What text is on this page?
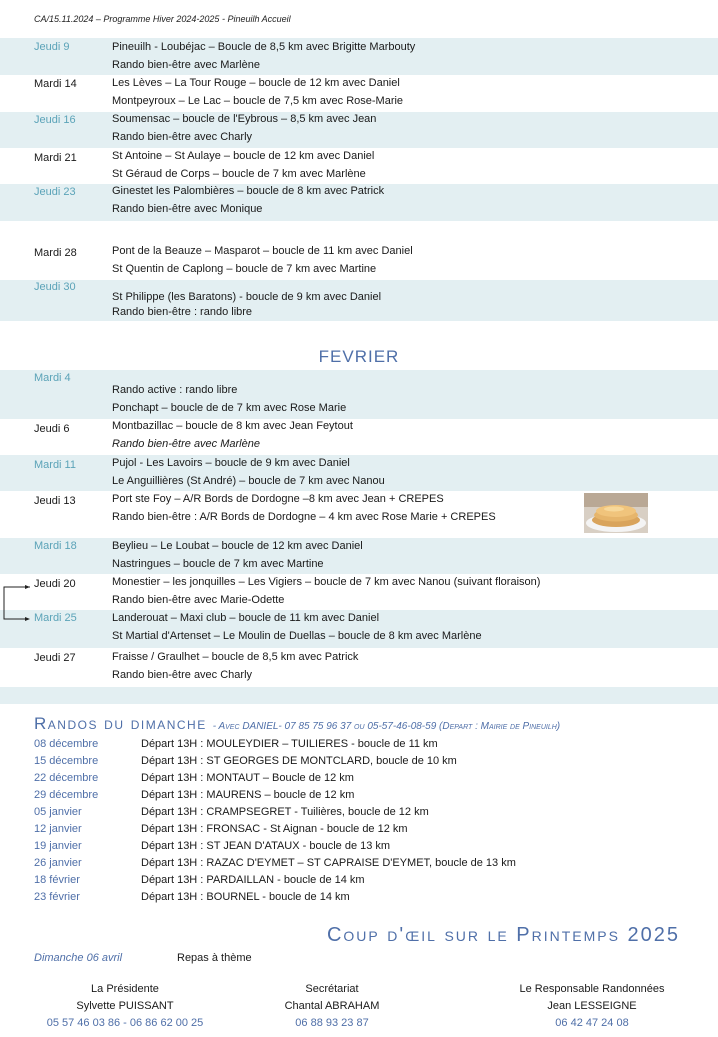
CA/15.11.2024 – Programme Hiver 2024-2025 - Pineuilh Accueil
Jeudi 9	Pineuilh - Loubéjac – Boucle de 8,5 km avec Brigitte Marbouty
Rando bien-être avec Marlène
Mardi 14	Les Lèves – La Tour Rouge – boucle de 12 km avec Daniel
Montpeyroux – Le Lac – boucle de 7,5 km avec Rose-Marie
Jeudi 16	Soumensac – boucle de l'Eybrous – 8,5 km avec Jean
Rando bien-être avec Charly
Mardi 21	St Antoine – St Aulaye – boucle de 12 km avec Daniel
St Géraud de Corps – boucle de 7 km avec Marlène
Jeudi 23	Ginestet les Palombières – boucle de 8 km avec Patrick
Rando bien-être avec Monique
Mardi 28	Pont de la Beauze – Masparot – boucle de 11 km avec Daniel
St Quentin de Caplong – boucle de 7 km avec Martine
Jeudi 30
St Philippe (les Baratons) - boucle de 9 km avec Daniel
Rando bien-être : rando libre
FEVRIER
Mardi 4
Rando active : rando libre
Ponchapt – boucle de de 7 km avec Rose Marie
Jeudi 6	Montbazillac – boucle de 8 km avec Jean Feytout
Rando bien-être avec Marlène
Mardi 11	Pujol - Les Lavoirs – boucle de 9 km avec Daniel
Le Anguillières (St André) – boucle de 7 km avec Nanou
Jeudi 13	Port ste Foy – A/R Bords de Dordogne –8 km avec Jean + CREPES
Rando bien-être : A/R Bords de Dordogne – 4 km avec Rose Marie + CREPES
Mardi 18	Beylieu – Le Loubat – boucle de 12 km avec Daniel
Nastringues – boucle de 7 km avec Martine
Jeudi 20	Monestier – les jonquilles – Les Vigiers – boucle de 7 km avec Nanou (suivant floraison)
Rando bien-être avec Marie-Odette
Mardi 25	Landerouat – Maxi club – boucle de 11 km avec Daniel
St Martial d'Artenset – Le Moulin de Duellas – boucle de 8 km avec Marlène
Jeudi 27	Fraisse / Graulhet – boucle de 8,5 km avec Patrick
Rando bien-être avec Charly
Randos du dimanche - Avec DANIEL- 07 85 75 96 37 ou 05-57-46-08-59 (Depart : Mairie de Pineuilh)
08 décembre	Départ 13H : MOULEYDIER – TUILIERES - boucle de 11 km
15 décembre	Départ 13H : ST GEORGES DE MONTCLARD, boucle de 10 km
22 décembre	Départ 13H : MONTAUT – Boucle de 12 km
29 décembre	Départ 13H : MAURENS – boucle de 12 km
05 janvier	Départ 13H : CRAMPSEGRET - Tuilières, boucle de 12 km
12 janvier	Départ 13H : FRONSAC - St Aignan - boucle de 12 km
19 janvier	Départ 13H : ST JEAN D'ATAUX - boucle de 13 km
26 janvier	Départ 13H : RAZAC D'EYMET – ST CAPRAISE D'EYMET, boucle de 13 km
18 février	Départ 13H : PARDAILLAN - boucle de 14 km
23 février	Départ 13H : BOURNEL - boucle de 14 km
Coup d'œil sur le Printemps 2025
Dimanche 06 avril	Repas à thème
La Présidente
Sylvette PUISSANT
05 57 46 03 86 - 06 86 62 00 25
Secrétariat
Chantal ABRAHAM
06 88 93 23 87
Le Responsable Randonnées
Jean LESSEIGNE
06 42 47 24 08
